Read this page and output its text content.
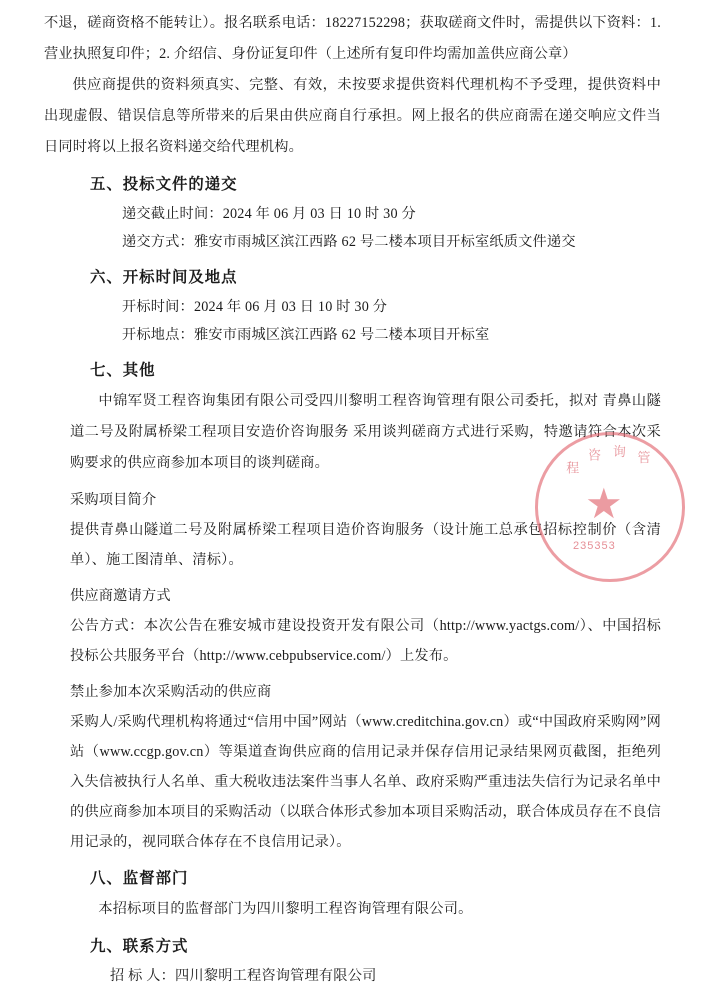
不退，磋商资格不能转让）。报名联系电话：18227152298；获取磋商文件时，需提供以下资料：1. 营业执照复印件；2. 介绍信、身份证复印件（上述所有复印件均需加盖供应商公章）

供应商提供的资料须真实、完整、有效，未按要求提供资料代理机构不予受理，提供资料中出现虚假、错误信息等所带来的后果由供应商自行承担。网上报名的供应商需在递交响应文件当日同时将以上报名资料递交给代理机构。

五、投标文件的递交

递交截止时间：2024 年 06 月 03 日 10 时 30 分

递交方式：雅安市雨城区滨江西路 62 号二楼本项目开标室纸质文件递交

六、开标时间及地点

开标时间：2024 年 06 月 03 日 10 时 30 分

开标地点：雅安市雨城区滨江西路 62 号二楼本项目开标室

七、其他

中锦军贤工程咨询集团有限公司受四川黎明工程咨询管理有限公司委托，拟对 青鼻山隧道二号及附属桥梁工程项目安造价咨询服务 采用谈判磋商方式进行采购，特邀请符合本次采购要求的供应商参加本项目的谈判磋商。

采购项目简介

提供青鼻山隧道二号及附属桥梁工程项目造价咨询服务（设计施工总承包招标控制价（含清单）、施工图清单、清标）。

供应商邀请方式

公告方式：本次公告在雅安城市建设投资开发有限公司（http://www.yactgs.com/）、中国招标投标公共服务平台（http://www.cebpubservice.com/）上发布。

禁止参加本次采购活动的供应商

采购人/采购代理机构将通过“信用中国”网站（www.creditchina.gov.cn）或“中国政府采购网”网站（www.ccgp.gov.cn）等渠道查询供应商的信用记录并保存信用记录结果网页截图，拒绝列入失信被执行人名单、重大税收违法案件当事人名单、政府采购严重违法失信行为记录名单中的供应商参加本项目的采购活动（以联合体形式参加本项目采购活动，联合体成员存在不良信用记录的，视同联合体存在不良信用记录）。

八、监督部门

本招标项目的监督部门为四川黎明工程咨询管理有限公司。

九、联系方式

招 标 人：四川黎明工程咨询管理有限公司

程
咨 询 管
★
235353
